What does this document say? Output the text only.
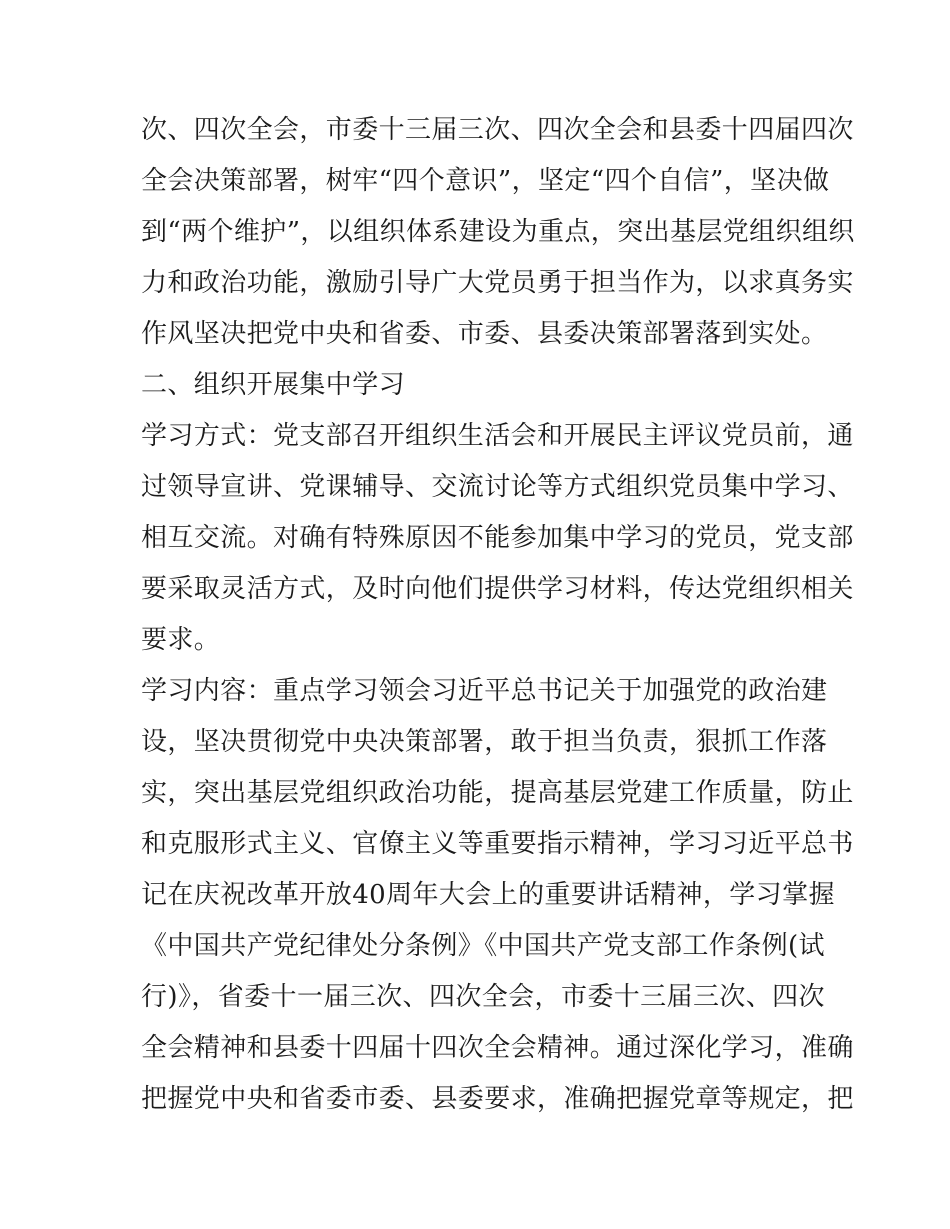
次、四次全会，市委十三届三次、四次全会和县委十四届四次
全会决策部署，树牢“四个意识”，坚定“四个自信”，坚决做
到“两个维护”，以组织体系建设为重点，突出基层党组织组织
力和政治功能，激励引导广大党员勇于担当作为，以求真务实
作风坚决把党中央和省委、市委、县委决策部署落到实处。
二、组织开展集中学习
学习方式：党支部召开组织生活会和开展民主评议党员前，通
过领导宣讲、党课辅导、交流讨论等方式组织党员集中学习、
相互交流。对确有特殊原因不能参加集中学习的党员，党支部
要采取灵活方式，及时向他们提供学习材料，传达党组织相关
要求。
学习内容：重点学习领会习近平总书记关于加强党的政治建
设，坚决贯彻党中央决策部署，敢于担当负责，狠抓工作落
实，突出基层党组织政治功能，提高基层党建工作质量，防止
和克服形式主义、官僚主义等重要指示精神，学习习近平总书
记在庆祝改革开放40周年大会上的重要讲话精神，学习掌握
《中国共产党纪律处分条例》《中国共产党支部工作条例(试
行)》，省委十一届三次、四次全会，市委十三届三次、四次
全会精神和县委十四届十四次全会精神。通过深化学习，准确
把握党中央和省委市委、县委要求，准确把握党章等规定，把
